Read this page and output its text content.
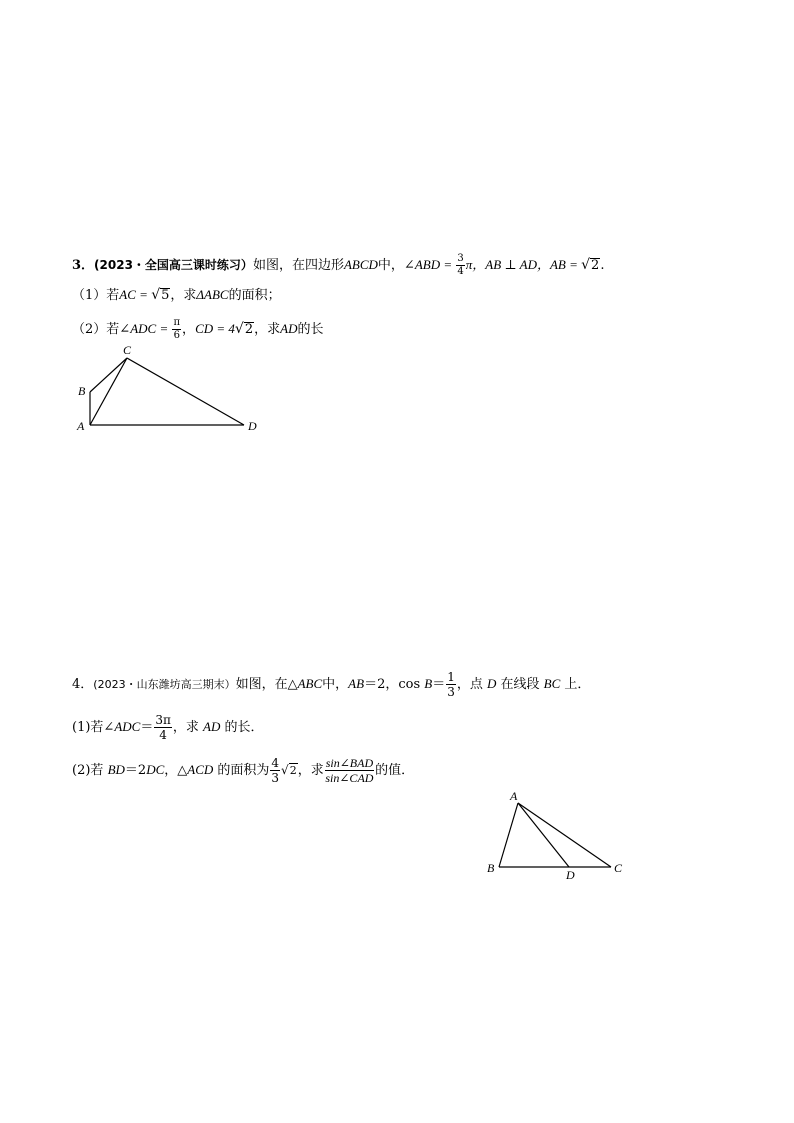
3．(2023・全国高三课时练习）如图，在四边形ABCD中，∠ABD = $\frac{3}{4}$ π，AB ⊥ AD，AB = √2.
（1）若AC = √5，求ΔABC的面积；
（2）若∠ADC = $\frac{\pi}{6}$ ，CD = 4√2，求AD的长
A
B
C
D
4．(2023・山东潍坊高三期末）如图，在△ABC中，AB＝2，$\cos B= \frac{1}{3}$ ，点 D 在线段 BC 上．
(1)若∠ADC＝ $\frac{3\pi}{4}$ ，求 AD 的长．
(2)若 BD＝2DC，△ACD 的面积为 $\frac{4}{3} √2$，求 $\frac{\text{sin∠BAD}}{\text{sin∠CAD}}$ 的值．
A
B	D	C
